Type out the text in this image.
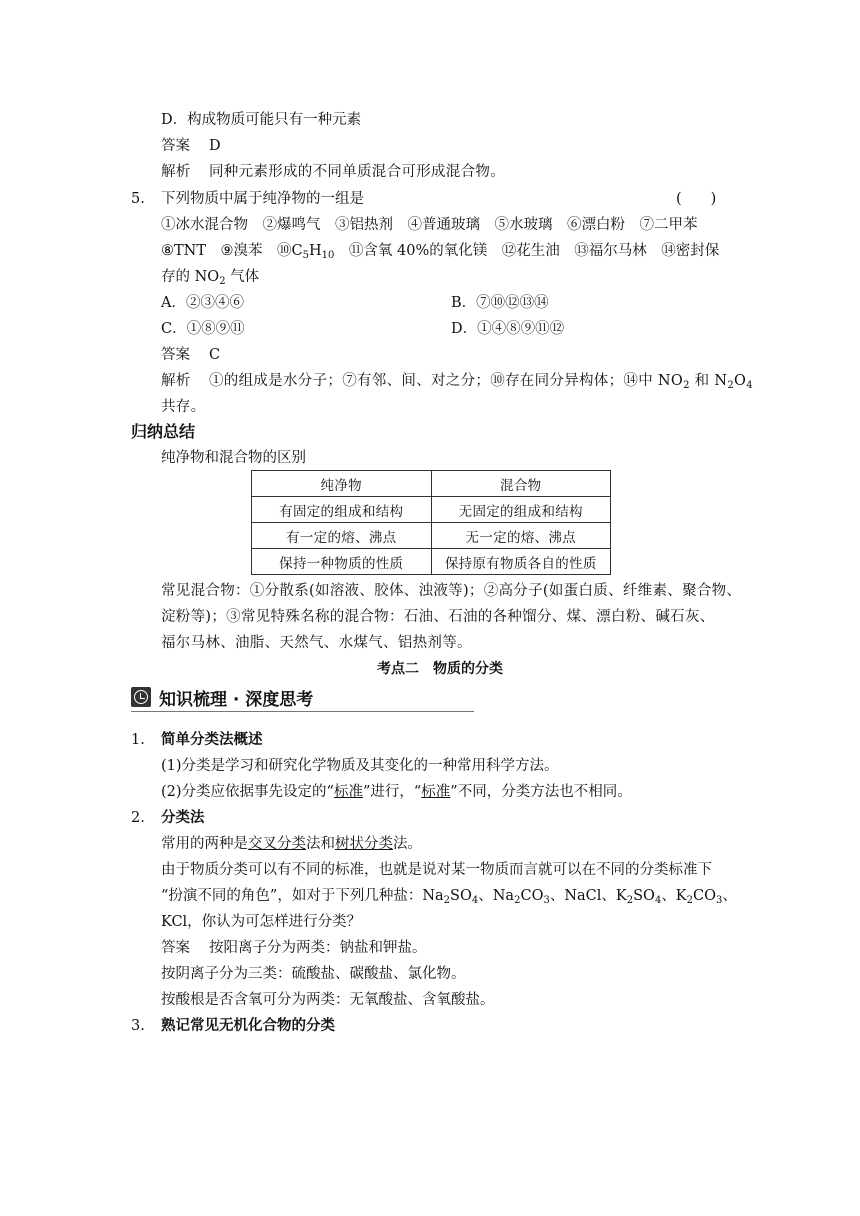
D．构成物质可能只有一种元素
答案 D
解析 同种元素形成的不同单质混合可形成混合物。
5. 下列物质中属于纯净物的一组是	(　　)
①冰水混合物　②爆鸣气　③铝热剂　④普通玻璃　⑤水玻璃　⑥漂白粉　⑦二甲苯
⑧TNT　⑨溴苯　$⑩C_5H_{10}$　⑪含氧 40%的氧化镁　⑫花生油　⑬福尔马林　⑭密封保
存的 $NO_2$ 气体
A．②③④⑥	B．⑦⑩⑫⑬⑭
C．①⑧⑨⑪	D．①④⑧⑨⑪⑫
答案 C
解析 ①的组成是水分子；⑦有邻、间、对之分；⑩存在同分异构体；⑭中 $NO_2$ 和 $N_2O_4$
共存。
归纳总结
纯净物和混合物的区别
纯净物	混合物
有固定的组成和结构	无固定的组成和结构
有一定的熔、沸点	无一定的熔、沸点
保持一种物质的性质	保持原有物质各自的性质
常见混合物：①分散系(如溶液、胶体、浊液等)；②高分子(如蛋白质、纤维素、聚合物、
淀粉等)；③常见特殊名称的混合物：石油、石油的各种馏分、煤、漂白粉、碱石灰、
福尔马林、油脂、天然气、水煤气、铝热剂等。
考点二　物质的分类
知识梳理 · 深度思考
1. 简单分类法概述
(1)分类是学习和研究化学物质及其变化的一种常用科学方法。
(2)分类应依据事先设定的“标准”进行，“标准”不同，分类方法也不相同。
2. 分类法
常用的两种是交叉分类法和树状分类法。
由于物质分类可以有不同的标准，也就是说对某一物质而言就可以在不同的分类标准下
“扮演不同的角色”，如对于下列几种盐：$Na_2SO_4$、$Na_2CO_3$、NaCl、$K_2SO_4$、$K_2CO_3$、
KCl，你认为可怎样进行分类？
答案 按阳离子分为两类：钠盐和钾盐。
按阴离子分为三类：硫酸盐、碳酸盐、氯化物。
按酸根是否含氧可分为两类：无氧酸盐、含氧酸盐。
3. 熟记常见无机化合物的分类
